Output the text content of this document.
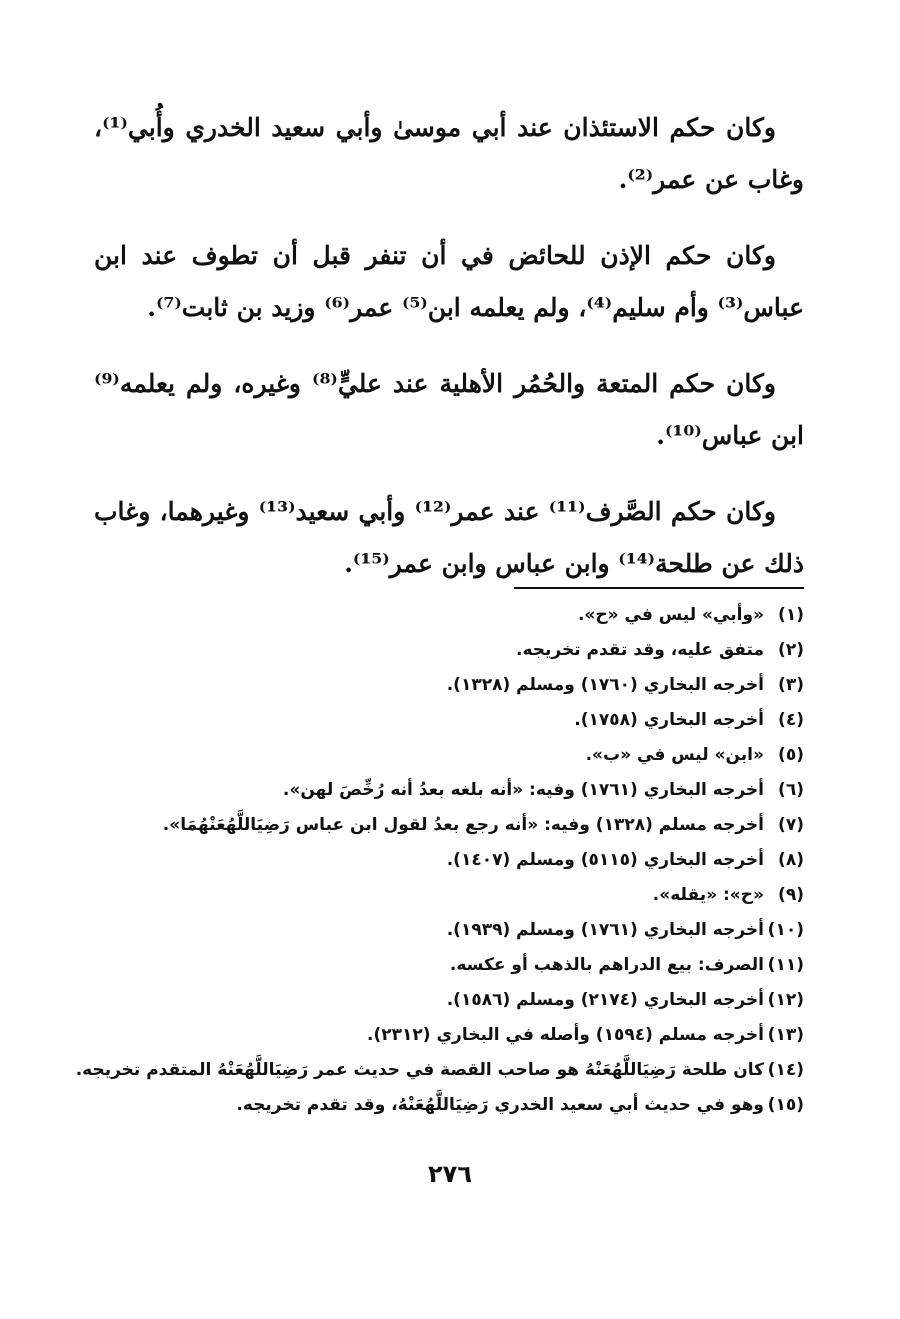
وكان حكم الاستئذان عند أبي موسىٰ وأبي سعيد الخدري وأُبي⁽¹⁾، وغاب عن عمر⁽²⁾.

وكان حكم الإذن للحائض في أن تنفر قبل أن تطوف عند ابن عباس⁽³⁾ وأم سليم⁽⁴⁾، ولم يعلمه ابن⁽⁵⁾ عمر⁽⁶⁾ وزيد بن ثابت⁽⁷⁾.

وكان حكم المتعة والحُمُر الأهلية عند عليٍّ⁽⁸⁾ وغيره، ولم يعلمه⁽⁹⁾ ابن عباس⁽¹⁰⁾.

وكان حكم الصَّرف⁽¹¹⁾ عند عمر⁽¹²⁾ وأبي سعيد⁽¹³⁾ وغيرهما، وغاب ذلك عن طلحة⁽¹⁴⁾ وابن عباس وابن عمر⁽¹⁵⁾.

(١)
«وأبي» ليس في «ح».
(٢)
متفق عليه، وقد تقدم تخريجه.
(٣)
أخرجه البخاري (١٧٦٠) ومسلم (١٣٢٨).
(٤)
أخرجه البخاري (١٧٥٨).
(٥)
«ابن» ليس في «ب».
(٦)
أخرجه البخاري (١٧٦١) وفيه: «أنه بلغه بعدُ أنه رُخِّصَ لهن».
(٧)
أخرجه مسلم (١٣٢٨) وفيه: «أنه رجع بعدُ لقول ابن عباس رَضِيَاللَّهُعَنْهُمَا».
(٨)
أخرجه البخاري (٥١١٥) ومسلم (١٤٠٧).
(٩)
«ح»: «يقله».
(١٠)
أخرجه البخاري (١٧٦١) ومسلم (١٩٣٩).
(١١)
الصرف: بيع الدراهم بالذهب أو عكسه.
(١٢)
أخرجه البخاري (٢١٧٤) ومسلم (١٥٨٦).
(١٣)
أخرجه مسلم (١٥٩٤) وأصله في البخاري (٢٣١٢).
(١٤)
كان طلحة رَضِيَاللَّهُعَنْهُ هو صاحب القصة في حديث عمر رَضِيَاللَّهُعَنْهُ المتقدم تخريجه.
(١٥)
وهو في حديث أبي سعيد الخدري رَضِيَاللَّهُعَنْهُ، وقد تقدم تخريجه.
٢٧٦
